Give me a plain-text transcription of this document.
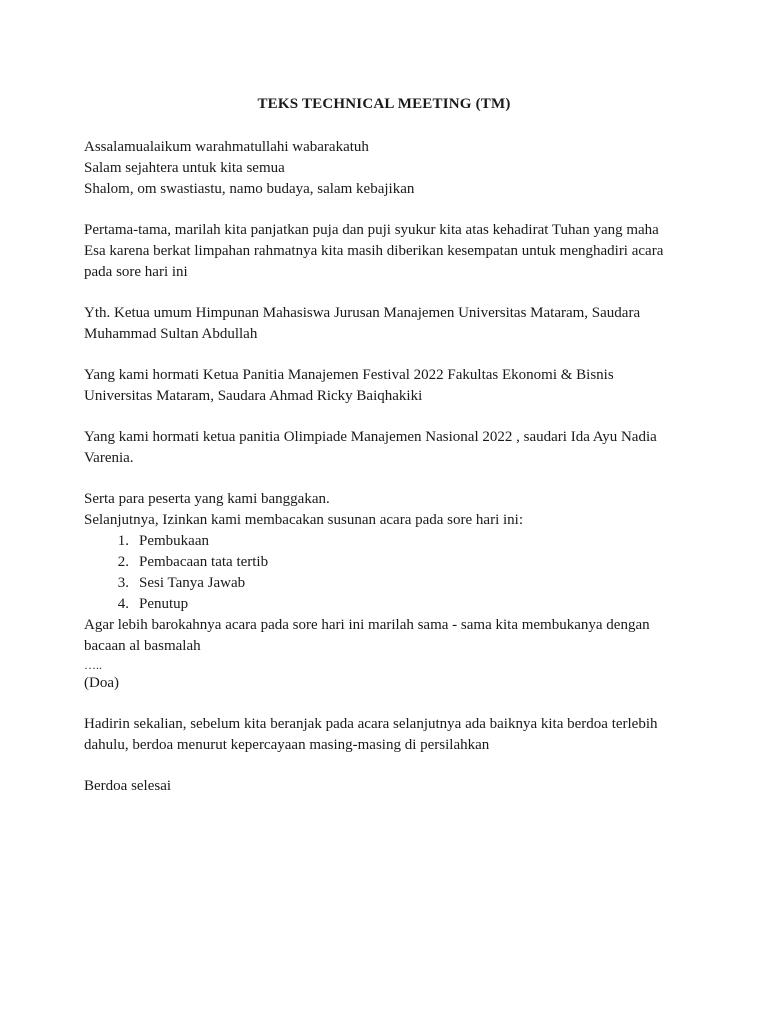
TEKS TECHNICAL MEETING (TM)

Assalamualaikum warahmatullahi wabarakatuh

Salam sejahtera untuk kita semua

Shalom, om swastiastu, namo budaya, salam kebajikan

Pertama-tama, marilah kita panjatkan puja dan puji syukur kita atas kehadirat Tuhan yang maha

Esa karena berkat limpahan rahmatnya kita masih diberikan kesempatan untuk menghadiri acara

pada sore hari ini

Yth. Ketua umum Himpunan Mahasiswa Jurusan Manajemen Universitas Mataram, Saudara

Muhammad Sultan Abdullah

Yang kami hormati Ketua Panitia Manajemen Festival 2022 Fakultas Ekonomi & Bisnis

Universitas Mataram, Saudara Ahmad Ricky Baiqhakiki

Yang kami hormati ketua panitia Olimpiade Manajemen Nasional 2022 , saudari Ida Ayu Nadia

Varenia.

Serta para peserta yang kami banggakan.

Selanjutnya, Izinkan kami membacakan susunan acara pada sore hari ini:

1. Pembukaan
2. Pembacaan tata tertib
3. Sesi Tanya Jawab
4. Penutup

Agar lebih barokahnya acara pada sore hari ini marilah sama - sama kita membukanya dengan

bacaan al basmalah

…..

(Doa)

Hadirin sekalian, sebelum kita beranjak pada acara selanjutnya ada baiknya kita berdoa terlebih

dahulu, berdoa menurut kepercayaan masing-masing di persilahkan

Berdoa selesai
